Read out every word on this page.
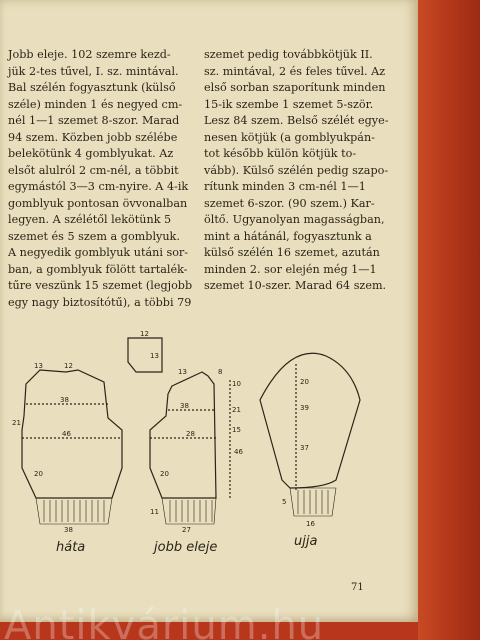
Jobb eleje. 102 szemre kezd-
jük 2-tes tűvel, I. sz. mintával.
Bal szélén fogyasztunk (külső
széle) minden 1 és negyed cm-
nél 1—1 szemet 8-szor. Marad
94 szem. Közben jobb szélébe
belekötünk 4 gomblyukat. Az
elsőt alulról 2 cm-nél, a többit
egymástól 3—3 cm-nyire. A 4-ik
gomblyuk pontosan övvonalban
legyen. A szélétől lekötünk 5
szemet és 5 szem a gomblyuk.
A negyedik gomblyuk utáni sor-
ban, a gomblyuk fölött tartalék-
tűre veszünk 15 szemet (legjobb
egy nagy biztosítótű), a többi 79

szemet pedig továbbkötjük II.
sz. mintával, 2 és feles tűvel. Az
első sorban szaporítunk minden
15-ik szembe 1 szemet 5-ször.
Lesz 84 szem. Belső szélét egye-
nesen kötjük (a gomblyukpán-
tot később külön kötjük to-
vább). Külső szélén pedig szapo-
rítunk minden 3 cm-nél 1—1
szemet 6-szor. (90 szem.) Kar-
öltő. Ugyanolyan magasságban,
mint a hátánál, fogyasztunk a
külső szélén 16 szemet, azután
minden 2. sor elején még 1—1
szemet 10-szer. Marad 64 szem.

13	12
38
21
46
20
38
12
13
13	8
10
38	21
28	15
46
20
27
11
20
39
37
16
5

háta	jobb eleje	ujja

71

Antikvárium.hu
